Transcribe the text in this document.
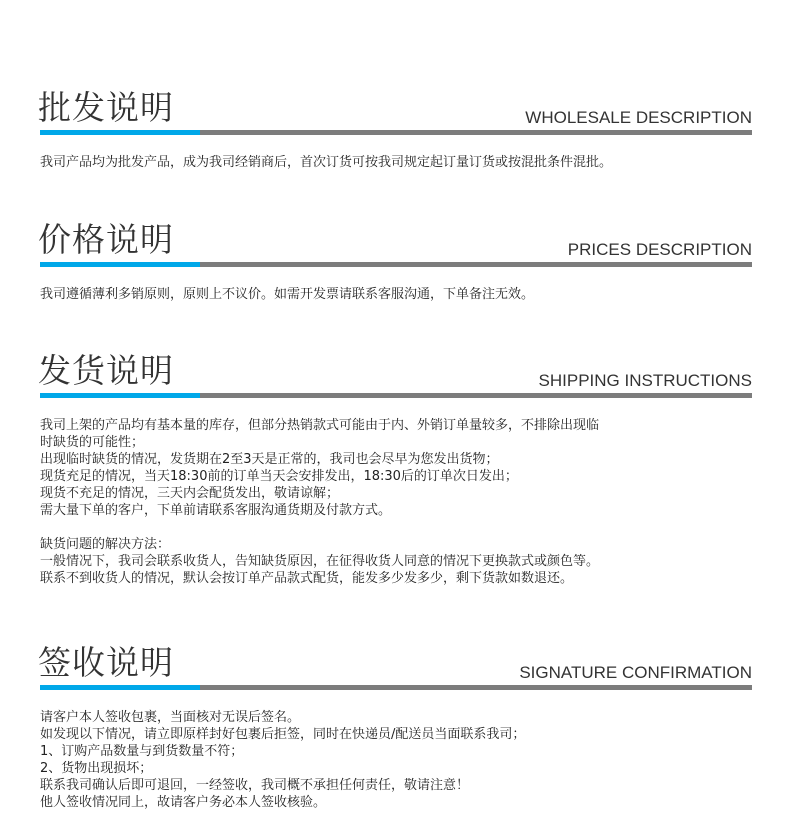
批发说明	WHOLESALE DESCRIPTION
我司产品均为批发产品，成为我司经销商后，首次订货可按我司规定起订量订货或按混批条件混批。
价格说明	PRICES DESCRIPTION
我司遵循薄利多销原则，原则上不议价。如需开发票请联系客服沟通，下单备注无效。
发货说明	SHIPPING INSTRUCTIONS
我司上架的产品均有基本量的库存，但部分热销款式可能由于内、外销订单量较多，不排除出现临
时缺货的可能性；
出现临时缺货的情况，发货期在2至3天是正常的，我司也会尽早为您发出货物；
现货充足的情况，当天18:30前的订单当天会安排发出，18:30后的订单次日发出；
现货不充足的情况，三天内会配货发出，敬请谅解；
需大量下单的客户，下单前请联系客服沟通货期及付款方式。
缺货问题的解决方法：
一般情况下，我司会联系收货人，告知缺货原因，在征得收货人同意的情况下更换款式或颜色等。
联系不到收货人的情况，默认会按订单产品款式配货，能发多少发多少，剩下货款如数退还。
签收说明	SIGNATURE CONFIRMATION
请客户本人签收包裹，当面核对无误后签名。
如发现以下情况，请立即原样封好包裹后拒签，同时在快递员/配送员当面联系我司；
1、订购产品数量与到货数量不符；
2、货物出现损坏；
联系我司确认后即可退回，一经签收，我司概不承担任何责任，敬请注意！
他人签收情况同上，故请客户务必本人签收核验。
